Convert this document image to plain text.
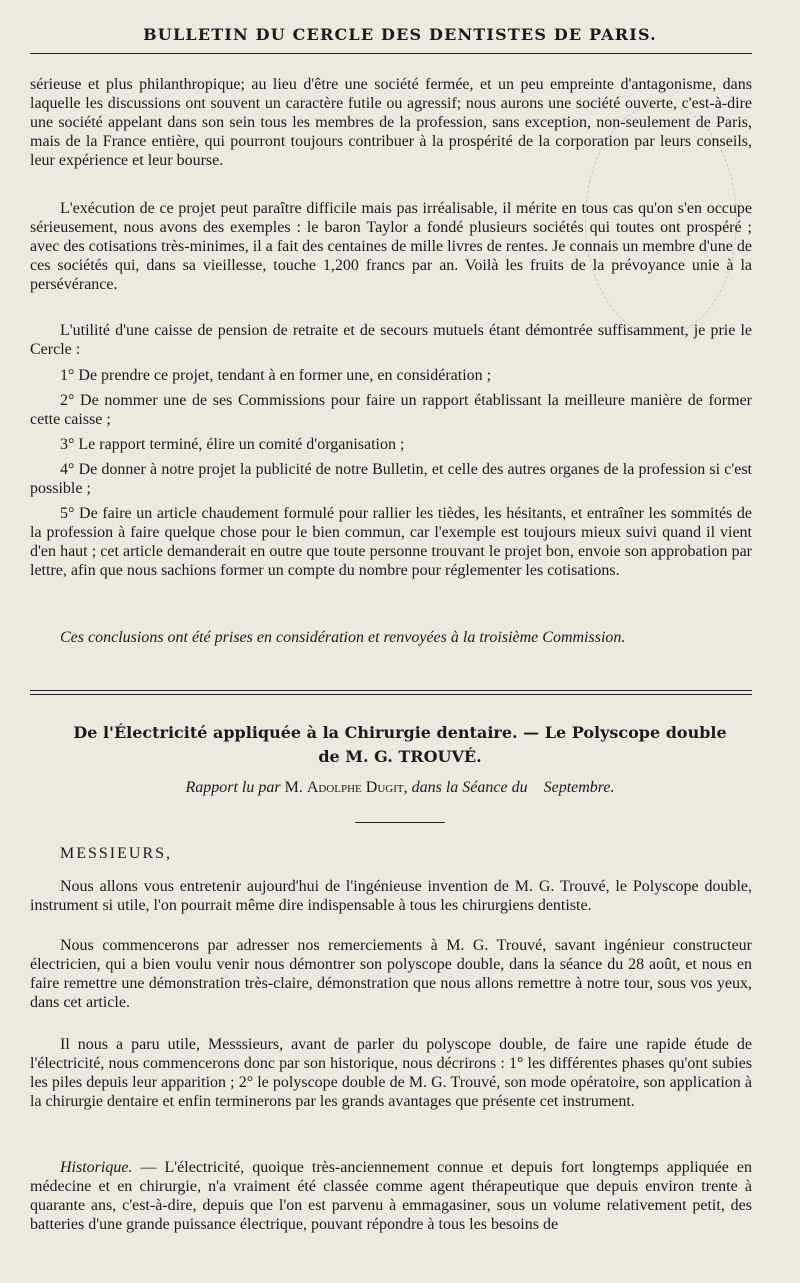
BULLETIN DU CERCLE DES DENTISTES DE PARIS.

sérieuse et plus philanthropique; au lieu d'être une société fermée, et un peu empreinte d'antagonisme, dans laquelle les discussions ont souvent un caractère futile ou agressif; nous aurons une société ouverte, c'est-à-dire une société appelant dans son sein tous les membres de la profession, sans exception, non-seulement de Paris, mais de la France entière, qui pourront toujours contribuer à la prospérité de la corporation par leurs conseils, leur expérience et leur bourse.

L'exécution de ce projet peut paraître difficile mais pas irréalisable, il mérite en tous cas qu'on s'en occupe sérieusement, nous avons des exemples : le baron Taylor a fondé plusieurs sociétés qui toutes ont prospéré ; avec des cotisations très-minimes, il a fait des centaines de mille livres de rentes. Je connais un membre d'une de ces sociétés qui, dans sa vieillesse, touche 1,200 francs par an. Voilà les fruits de la prévoyance unie à la persévérance.

L'utilité d'une caisse de pension de retraite et de secours mutuels étant démontrée suffisamment, je prie le Cercle :

1° De prendre ce projet, tendant à en former une, en considération ;

2° De nommer une de ses Commissions pour faire un rapport établissant la meilleure manière de former cette caisse ;

3° Le rapport terminé, élire un comité d'organisation ;

4° De donner à notre projet la publicité de notre Bulletin, et celle des autres organes de la profession si c'est possible ;

5° De faire un article chaudement formulé pour rallier les tièdes, les hésitants, et entraîner les sommités de la profession à faire quelque chose pour le bien commun, car l'exemple est toujours mieux suivi quand il vient d'en haut ; cet article demanderait en outre que toute personne trouvant le projet bon, envoie son approbation par lettre, afin que nous sachions former un compte du nombre pour réglementer les cotisations.

Ces conclusions ont été prises en considération et renvoyées à la troisième Commission.

De l'Électricité appliquée à la Chirurgie dentaire. — Le Polyscope double
de M. G. TROUVÉ.
Rapport lu par M. Adolphe Dugit, dans la Séance du Septembre.
MESSIEURS,

Nous allons vous entretenir aujourd'hui de l'ingénieuse invention de M. G. Trouvé, le Polyscope double, instrument si utile, l'on pourrait même dire indispensable à tous les chirurgiens dentiste.

Nous commencerons par adresser nos remerciements à M. G. Trouvé, savant ingénieur constructeur électricien, qui a bien voulu venir nous démontrer son polyscope double, dans la séance du 28 août, et nous en faire remettre une démonstration très-claire, démonstration que nous allons remettre à notre tour, sous vos yeux, dans cet article.

Il nous a paru utile, Messsieurs, avant de parler du polyscope double, de faire une rapide étude de l'électricité, nous commencerons donc par son historique, nous décrirons : 1° les différentes phases qu'ont subies les piles depuis leur apparition ; 2° le polyscope double de M. G. Trouvé, son mode opératoire, son application à la chirurgie dentaire et enfin terminerons par les grands avantages que présente cet instrument.

Historique. — L'électricité, quoique très-anciennement connue et depuis fort longtemps appliquée en médecine et en chirurgie, n'a vraiment été classée comme agent thérapeutique que depuis environ trente à quarante ans, c'est-à-dire, depuis que l'on est parvenu à emmagasiner, sous un volume relativement petit, des batteries d'une grande puissance électrique, pouvant répondre à tous les besoins de
